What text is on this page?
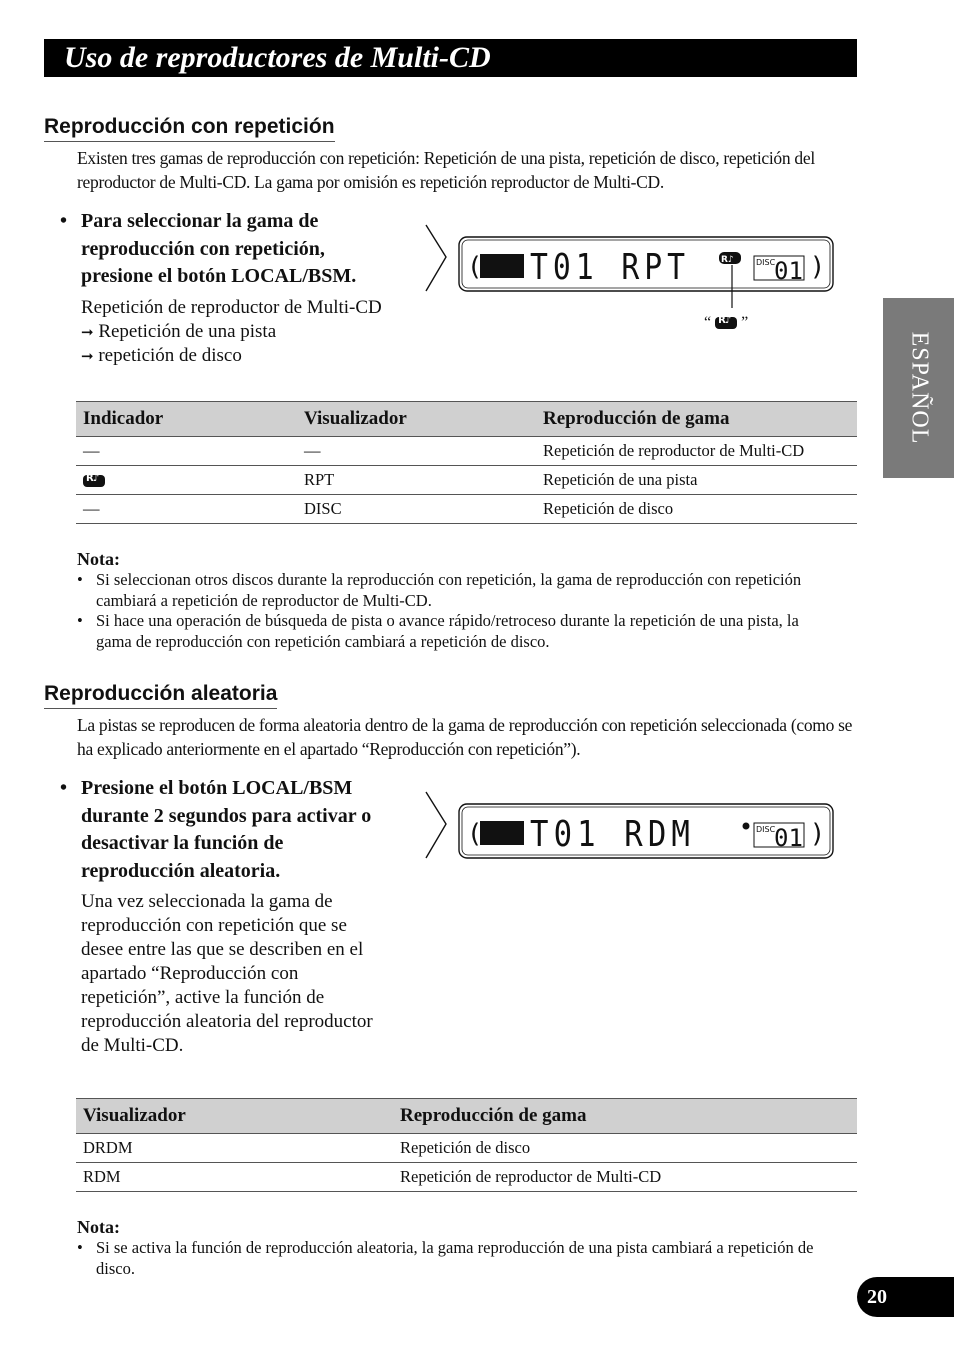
Uso de reproductores de Multi-CD
ESPAÑOL
Reproducción con repetición
Existen tres gamas de reproducción con repetición: Repetición de una pista, repetición de disco, repetición del reproductor de Multi-CD. La gama por omisión es repetición reproductor de Multi-CD.
• Para seleccionar la gama de reproducción con repetición, presione el botón LOCAL/BSM.
Repetición de reproductor de Multi-CD ➞ Repetición de una pista
➞ repetición de disco
( T01 RPT	R♪	DISC
01 )
“ R♪ ”
Indicador	Visualizador	Reproducción de gama
—	—	Repetición de reproductor de Multi-CD
R♪	RPT	Repetición de una pista
—	DISC	Repetición de disco
Nota:
• Si seleccionan otros discos durante la reproducción con repetición, la gama de reproducción con repetición cambiará a repetición de reproductor de Multi-CD.
• Si hace una operación de búsqueda de pista o avance rápido/retroceso durante la repetición de una pista, la gama de reproducción con repetición cambiará a repetición de disco.
Reproducción aleatoria
La pistas se reproducen de forma aleatoria dentro de la gama de reproducción con repetición seleccionada (como se ha explicado anteriormente en el apartado “Reproducción con repetición”).
• Presione el botón LOCAL/BSM durante 2 segundos para activar o desactivar la función de reproducción aleatoria.
Una vez seleccionada la gama de reproducción con repetición que se desee entre las que se describen en el apartado “Reproducción con repetición”, active la función de reproducción aleatoria del reproductor de Multi-CD.
( T01 RDM	DISC
01 )
Visualizador	Reproducción de gama
DRDM	Repetición de disco
RDM	Repetición de reproductor de Multi-CD
Nota:
• Si se activa la función de reproducción aleatoria, la gama reproducción de una pista cambiará a repetición de disco.
20
